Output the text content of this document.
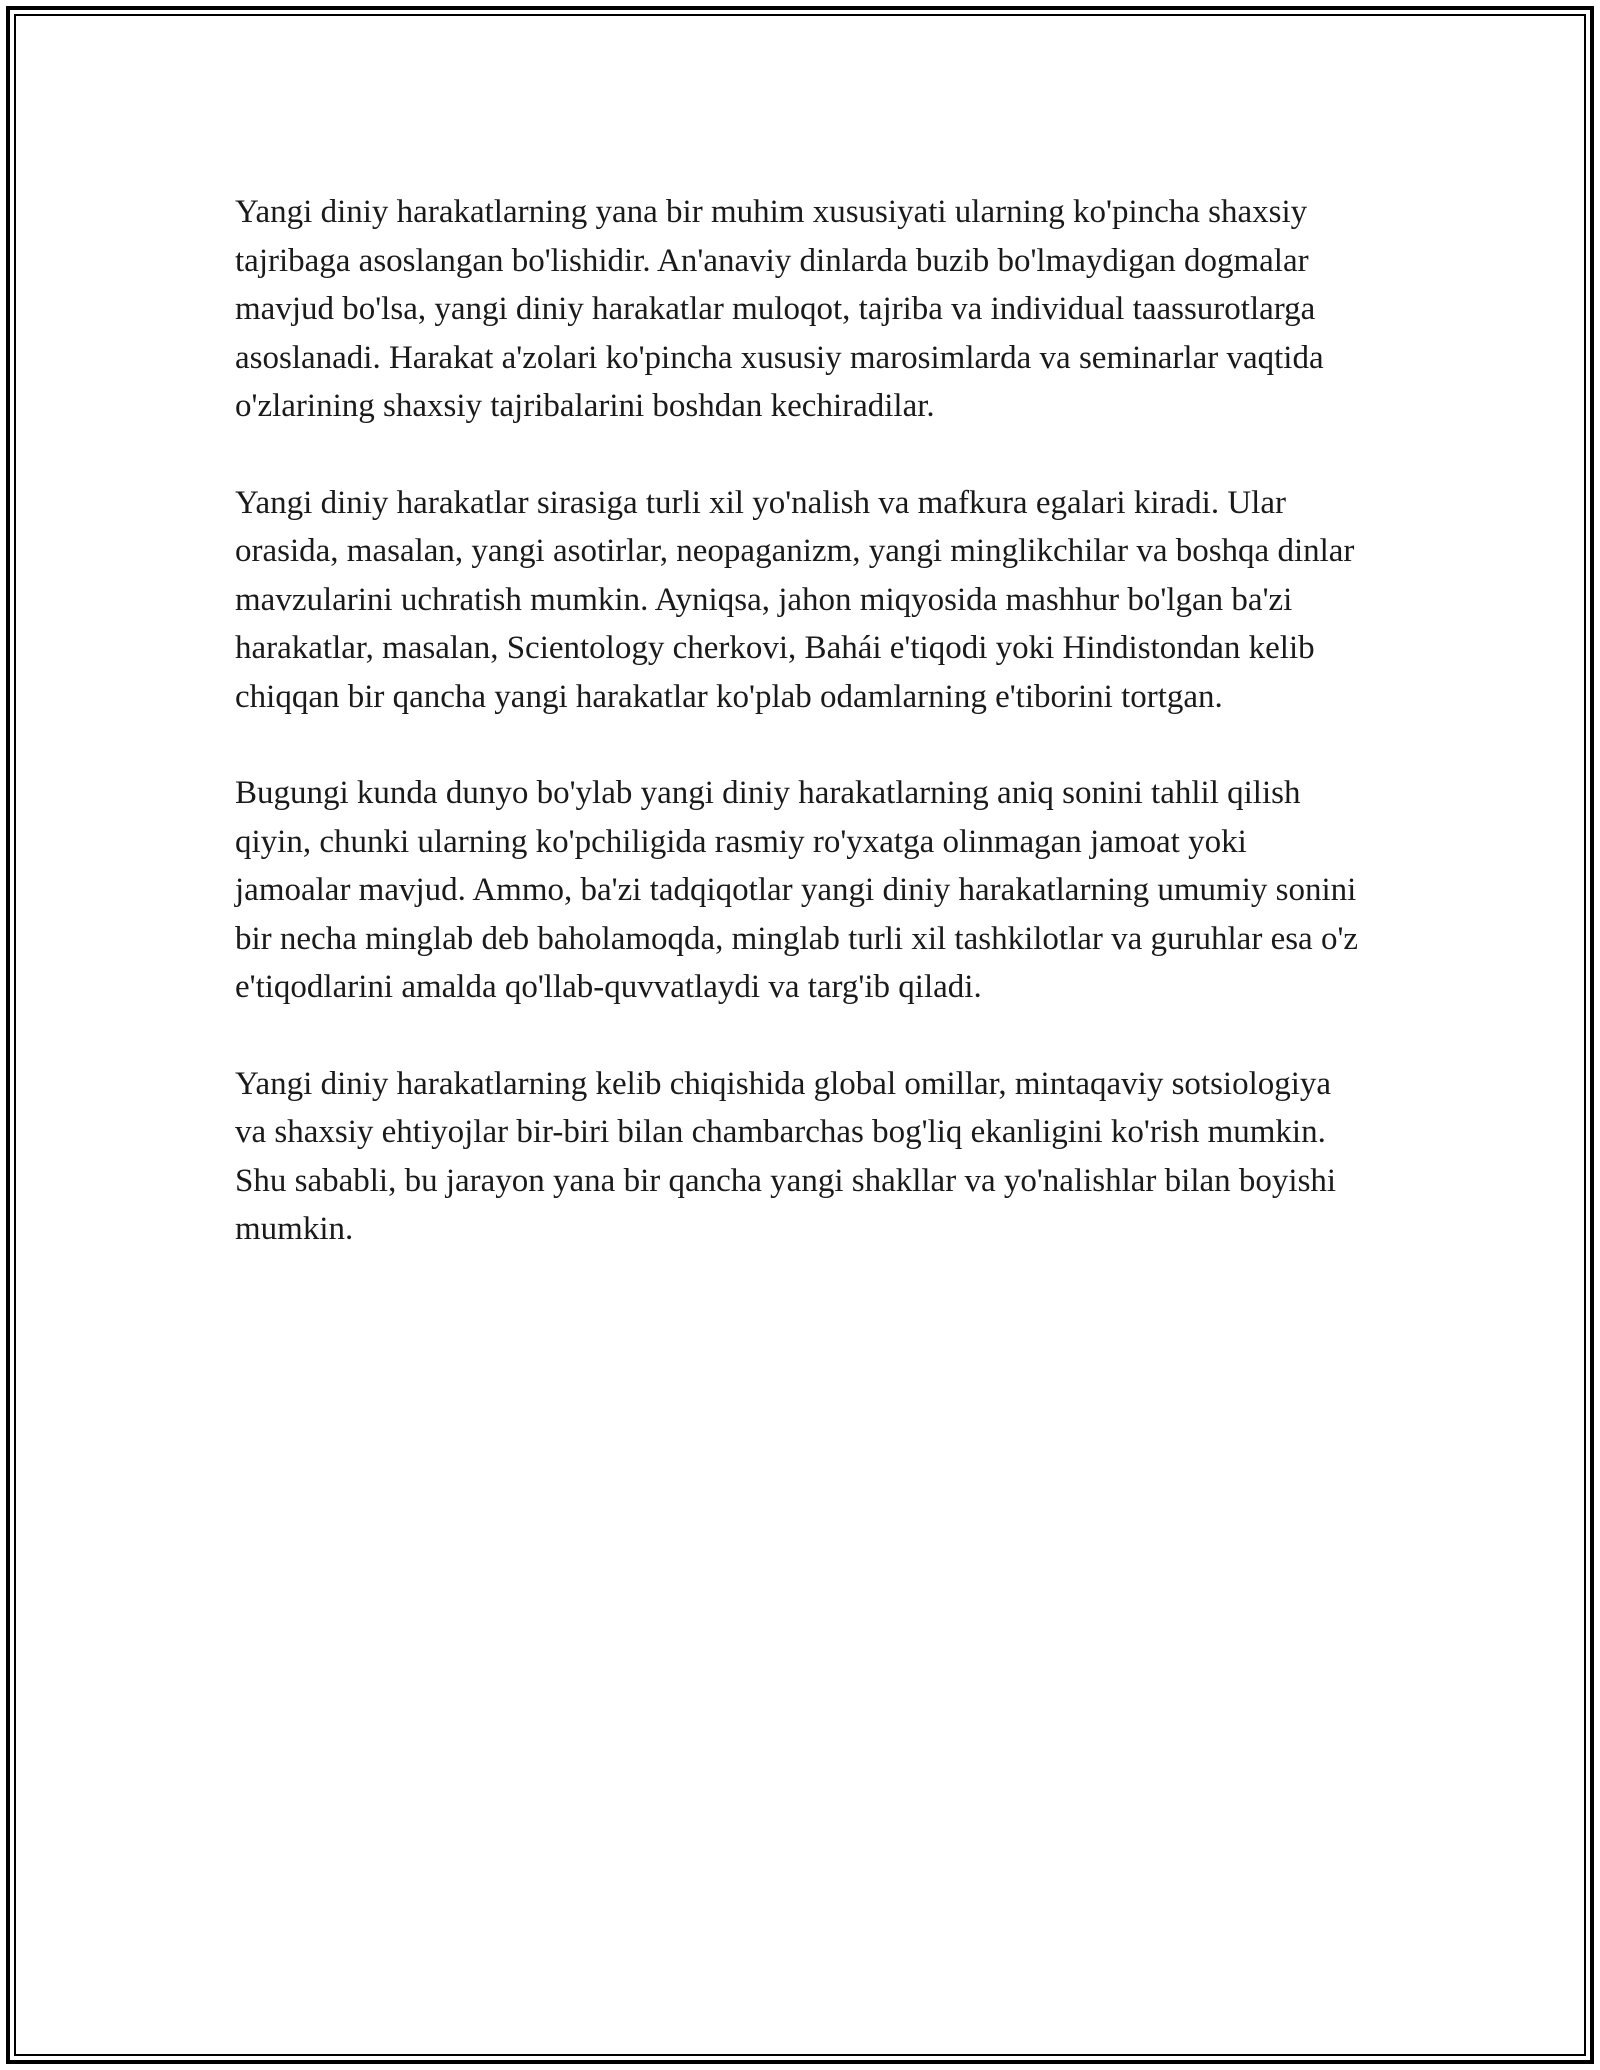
Yangi diniy harakatlarning yana bir muhim xususiyati ularning ko'pincha shaxsiy tajribaga asoslangan bo'lishidir. An'anaviy dinlarda buzib bo'lmaydigan dogmalar mavjud bo'lsa, yangi diniy harakatlar muloqot, tajriba va individual taassurotlarga asoslanadi. Harakat a'zolari ko'pincha xususiy marosimlarda va seminarlar vaqtida o'zlarining shaxsiy tajribalarini boshdan kechiradilar.

Yangi diniy harakatlar sirasiga turli xil yo'nalish va mafkura egalari kiradi. Ular orasida, masalan, yangi asotirlar, neopaganizm, yangi minglikchilar va boshqa dinlar mavzularini uchratish mumkin. Ayniqsa, jahon miqyosida mashhur bo'lgan ba'zi harakatlar, masalan, Scientology cherkovi, Bahái e'tiqodi yoki Hindistondan kelib chiqqan bir qancha yangi harakatlar ko'plab odamlarning e'tiborini tortgan.

Bugungi kunda dunyo bo'ylab yangi diniy harakatlarning aniq sonini tahlil qilish qiyin, chunki ularning ko'pchiligida rasmiy ro'yxatga olinmagan jamoat yoki jamoalar mavjud. Ammo, ba'zi tadqiqotlar yangi diniy harakatlarning umumiy sonini bir necha minglab deb baholamoqda, minglab turli xil tashkilotlar va guruhlar esa o'z e'tiqodlarini amalda qo'llab-quvvatlaydi va targ'ib qiladi.

Yangi diniy harakatlarning kelib chiqishida global omillar, mintaqaviy sotsiologiya va shaxsiy ehtiyojlar bir-biri bilan chambarchas bog'liq ekanligini ko'rish mumkin. Shu sababli, bu jarayon yana bir qancha yangi shakllar va yo'nalishlar bilan boyishi mumkin.
